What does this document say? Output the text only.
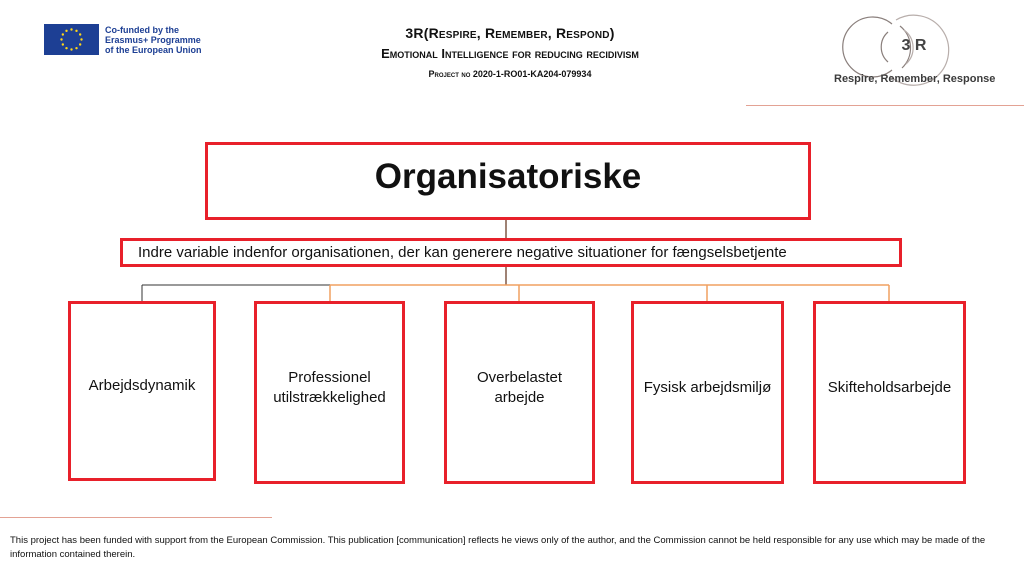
Co-funded by the
Erasmus+ Programme
of the European Union
3R(Respire, Remember, Respond)
Emotional Intelligence for reducing recidivism
Project no 2020-1-RO01-KA204-079934
3 R
Respire, Remember, Response
Organisatoriske
Indre variable indenfor organisationen, der kan generere negative situationer for fængselsbetjente
Arbejdsdynamik	Professionel utilstrækkelighed
Overbelastet arbejde
Fysisk arbejdsmiljø	Skifteholdsarbejde
This project has been funded with support from the European Commission. This publication [communication] reflects he views only of the author, and the Commission cannot be held responsible for any use which may be made of the information contained therein.
